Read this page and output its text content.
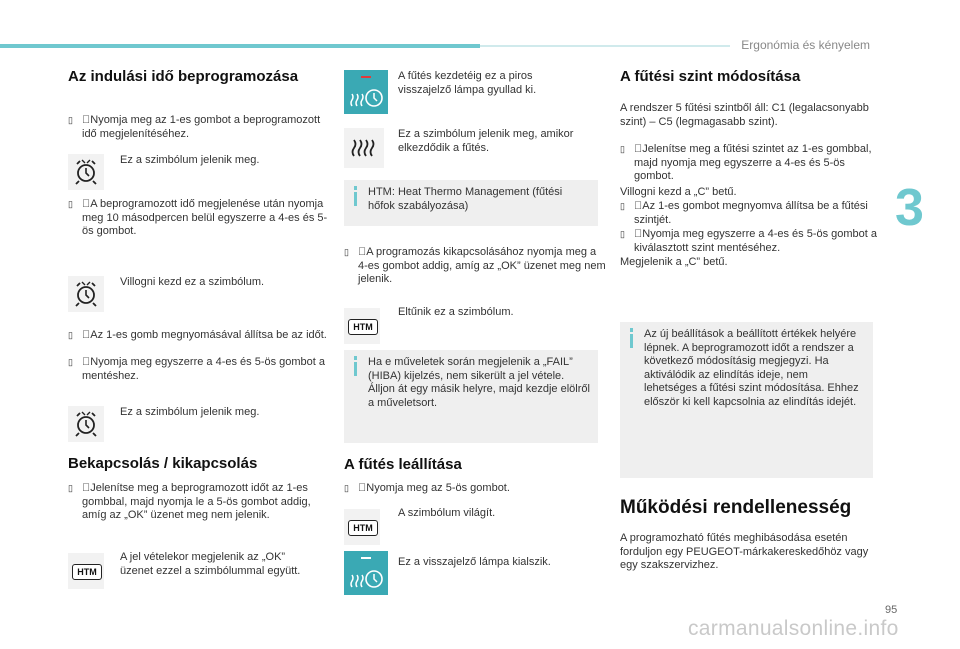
Ergonómia és kényelem
3
95
carmanualsonline.info
Az indulási idő beprogramozása
▯ Nyomja meg az 1-es gombot a beprogramozott idő megjelenítéséhez.
Ez a szimbólum jelenik meg.
▯ A beprogramozott idő megjelenése után nyomja meg 10 másodpercen belül egyszerre a 4-es és 5-ös gombot.
Villogni kezd ez a szimbólum.
▯ Az 1-es gomb megnyomásával állítsa be az időt.
▯ Nyomja meg egyszerre a 4-es és 5-ös gombot a mentéshez.
Ez a szimbólum jelenik meg.
Bekapcsolás / kikapcsolás
▯ Jelenítse meg a beprogramozott időt az 1-es gombbal, majd nyomja le a 5-ös gombot addig, amíg az „OK” üzenet meg nem jelenik.
HTM
A jel vételekor megjelenik az „OK” üzenet ezzel a szimbólummal együtt.
A fűtés kezdetéig ez a piros visszajelző lámpa gyullad ki.
Ez a szimbólum jelenik meg, amikor elkezdődik a fűtés.
HTM: Heat Thermo Management (fűtési hőfok szabályozása)
▯ A programozás kikapcsolásához nyomja meg a 4-es gombot addig, amíg az „OK” üzenet meg nem jelenik.
HTM
Eltűnik ez a szimbólum.
Ha e műveletek során megjelenik a „FAIL” (HIBA) kijelzés, nem sikerült a jel vétele. Álljon át egy másik helyre, majd kezdje elölről a műveletsort.
A fűtés leállítása
▯ Nyomja meg az 5-ös gombot.
HTM
A szimbólum világít.
Ez a visszajelző lámpa kialszik.
A fűtési szint módosítása
A rendszer 5 fűtési szintből áll: C1 (legalacsonyabb szint) – C5 (legmagasabb szint).
▯ Jelenítse meg a fűtési szintet az 1-es gombbal, majd nyomja meg egyszerre a 4-es és 5-ös gombot.
Villogni kezd a „C” betű.
▯ Az 1-es gombot megnyomva állítsa be a fűtési szintjét.
▯ Nyomja meg egyszerre a 4-es és 5-ös gombot a kiválasztott szint mentéséhez.
Megjelenik a „C” betű.
Az új beállítások a beállított értékek helyére lépnek. A beprogramozott időt a rendszer a következő módosításig megjegyzi. Ha aktiválódik az elindítás ideje, nem lehetséges a fűtési szint módosítása. Ehhez először ki kell kapcsolnia az elindítás idejét.
Működési rendellenesség
A programozható fűtés meghibásodása esetén forduljon egy PEUGEOT-márkakereskedőhöz vagy egy szakszervizhez.
